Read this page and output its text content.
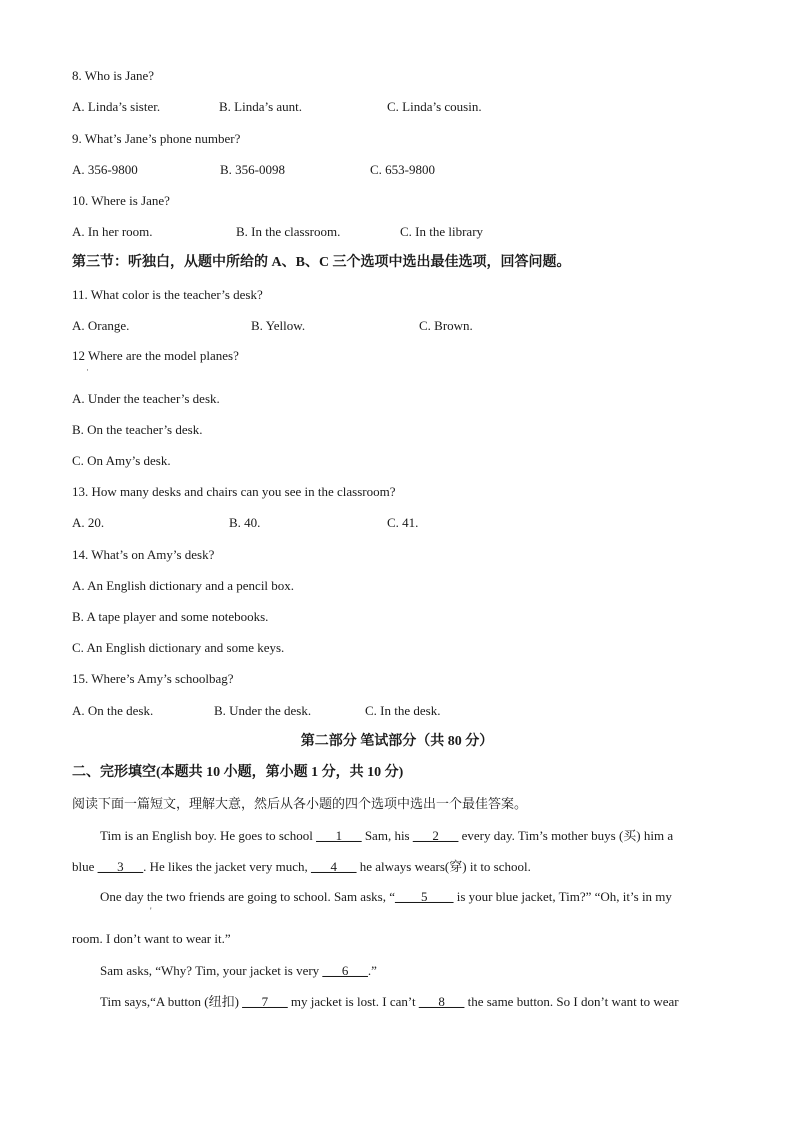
8. Who is Jane?
A. Linda’s sister.	B. Linda’s aunt.	C. Linda’s cousin.
9. What’s Jane’s phone number?
A. 356-9800	B. 356-0098	C. 653-9800
10. Where is Jane?
A. In her room.	B. In the classroom.	C. In the library
第三节：听独白，从题中所给的 A、B、C 三个选项中选出最佳选项，回答问题。
11. What color is the teacher’s desk?
A. Orange.	B. Yellow.	C. Brown.
12 Where are the model planes?
·
A. Under the teacher’s desk.
B. On the teacher’s desk.
C. On Amy’s desk.
13. How many desks and chairs can you see in the classroom?
A. 20.	B. 40.	C. 41.
14. What’s on Amy’s desk?
A. An English dictionary and a pencil box.
B. A tape player and some notebooks.
C. An English dictionary and some keys.
15. Where’s Amy’s schoolbag?
A. On the desk.	B. Under the desk.	C. In the desk.
第二部分 笔试部分（共 80 分）
二、完形填空(本题共 10 小题，第小题 1 分，共 10 分)
阅读下面一篇短文，理解大意，然后从各小题的四个选项中选出一个最佳答案。
Tim is an English boy. He goes to school ___1___ Sam, his ___2___ every day. Tim’s mother buys (买) him a
blue ___3___. He likes the jacket very much, ___4___ he always wears(穿) it to school.
One day the two friends are going to school. Sam asks, “____5____ is your blue jacket, Tim?” “Oh, it’s in my
'
room. I don’t want to wear it.”
Sam asks, “Why? Tim, your jacket is very ___6___.”
Tim says,“A button (纽扣) ___7___ my jacket is lost. I can’t ___8___ the same button. So I don’t want to wear
